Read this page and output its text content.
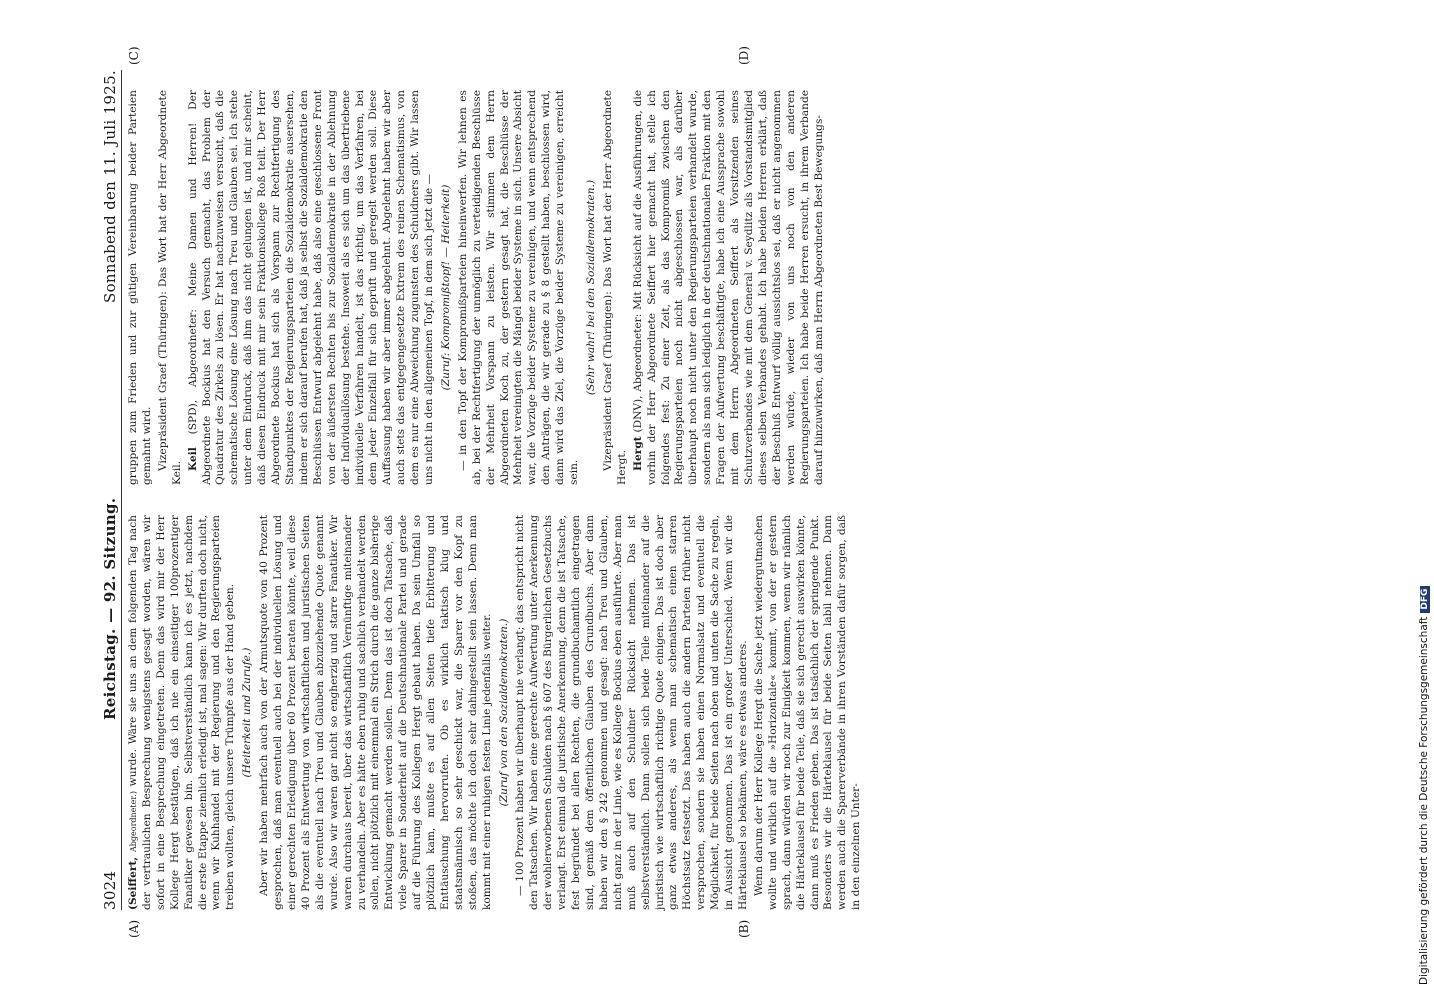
3024
Reichstag. — 92. Sitzung.
Sonnabend den 11. Juli 1925.
(A)	(B)
(C)	(D)

(Seiffert, Abgeordneter.) wurde. Wäre sie uns an dem folgenden Tag nach der vertraulichen Besprechung wenigstens gesagt worden, wären wir sofort in eine Besprechung eingetreten. Denn das wird mir der Herr Kollege Hergt bestätigen, daß ich nie ein einseitiger 100prozentiger Fanatiker gewesen bin. Selbstverständlich kann ich es jetzt, nachdem die erste Etappe ziemlich erledigt ist, mal sagen: Wir durften doch nicht, wenn wir Kuhhandel mit der Regierung und den Regierungsparteien treiben wollten, gleich unsere Trümpfe aus der Hand geben. (Heiterkeit und Zurufe.) Aber wir haben mehrfach auch von der Armutsquote von 40 Prozent gesprochen, daß man eventuell auch bei der individuellen Lösung und einer gerechten Erledigung über 60 Prozent beraten könnte, weil diese 40 Prozent als Entwertung von wirtschaftlichen und juristischen Seiten als die eventuell nach Treu und Glauben abzuziehende Quote genannt wurde. Also wir waren gar nicht so engherzig und starre Fanatiker. Wir waren durchaus bereit, über das wirtschaftlich Vernünftige miteinander zu verhandeln. Aber es hätte eben ruhig und sachlich verhandelt werden sollen, nicht plötzlich mit einemmal ein Strich durch die ganze bisherige Entwicklung gemacht werden sollen. Denn das ist doch Tatsache, daß viele Sparer in Sonderheit auf die Deutschnationale Partei und gerade auf die Führung des Kollegen Hergt gebaut haben. Da sein Umfall so plötzlich kam, mußte es auf allen Seiten tiefe Erbitterung und Enttäuschung hervorrufen. Ob es wirklich taktisch klug und staatsmännisch so sehr geschickt war, die Sparer vor den Kopf zu stoßen, das möchte ich doch sehr dahingestellt sein lassen. Denn man kommt mit einer ruhigen festen Linie jedenfalls weiter. (Zuruf von den Sozialdemokraten.) — 100 Prozent haben wir überhaupt nie verlangt; das entspricht nicht den Tatsachen. Wir haben eine gerechte Aufwertung unter Anerkennung der wohlerworbenen Schulden nach § 607 des Bürgerlichen Gesetzbuchs verlangt. Erst einmal die juristische Anerkennung, denn die ist Tatsache, fest begründet bei allen Rechten, die grundbuchamtlich eingetragen sind, gemäß dem öffentlichen Glauben des Grundbuchs. Aber dann haben wir den § 242 genommen und gesagt: nach Treu und Glauben, nicht ganz in der Linie, wie es Kollege Bockius eben ausführte. Aber man muß auch auf den Schuldner Rücksicht nehmen. Das ist selbstverständlich. Dann sollen sich beide Teile miteinander auf die juristisch wie wirtschaftlich richtige Quote einigen. Das ist doch aber ganz etwas anderes, als wenn man schematisch einen starren Höchstsatz festsetzt. Das haben auch die andern Parteien früher nicht versprochen, sondern sie haben einen Normalsatz und eventuell die Möglichkeit, für beide Seiten nach oben und unten die Sache zu regeln, in Aussicht genommen. Das ist ein großer Unterschied. Wenn wir die Härteklausel so bekämen, wäre es etwas anderes. Wenn darum der Herr Kollege Hergt die Sache jetzt wiedergutmachen wollte und wirklich auf die »Horizontale« kommt, von der er gestern sprach, dann würden wir noch zur Einigkeit kommen, wenn wir nämlich die Härteklausel für beide Teile, daß sie sich gerecht auswirken könnte, dann muß es Frieden geben. Das ist tatsächlich der springende Punkt. Besonders wir die Härteklausel für beide Seiten labil nehmen. Dann werden auch die Sparerverbände in ihren Vorständen dafür sorgen, daß in den einzelnen Unter-

gruppen zum Frieden und zur gütigen Vereinbarung beider Parteien gemahnt wird. Vizepräsident Graef (Thüringen): Das Wort hat der Herr Abgeordnete Keil.

Keil (SPD), Abgeordneter: Meine Damen und Herren! Der Abgeordnete Bockius hat den Versuch gemacht, das Problem der Quadratur des Zirkels zu lösen. Er hat nachzuweisen versucht, daß die schematische Lösung eine Lösung nach Treu und Glauben sei. Ich stehe unter dem Eindruck, daß ihm das nicht gelungen ist, und mir scheint, daß diesen Eindruck mit mir sein Fraktionskollege Roß teilt. Der Herr Abgeordnete Bockius hat sich als Vorspann zur Rechtfertigung des Standpunktes der Regierungsparteien die Sozialdemokratie ausersehen, indem er sich darauf berufen hat, daß ja selbst die Sozialdemokratie den Beschlüssen Entwurf abgelehnt habe, daß also eine geschlossene Front von der äußersten Rechten bis zur Sozialdemokratie in der Ablehnung der Individuallösung bestehe. Insoweit als es sich um das übertriebene individuelle Verfahren handelt, ist das richtig, um das Verfahren, bei dem jeder Einzelfall für sich geprüft und geregelt werden soll. Diese Auffassung haben wir aber immer abgelehnt. Abgelehnt haben wir aber auch stets das entgegengesetzte Extrem des reinen Schematismus, von dem es nur eine Abweichung zugunsten des Schuldners gibt. Wir lassen uns nicht in den allgemeinen Topf, in dem sich jetzt die — (Zuruf: Kompromißtopf! — Heiterkeit) — in den Topf der Kompromißparteien hineinwerfen. Wir lehnen es ab, bei der Rechtfertigung der unmöglich zu verteidigenden Beschlüsse der Mehrheit Vorspann zu leisten. Wir stimmen dem Herrn Abgeordneten Koch zu, der gestern gesagt hat, die Beschlüsse der Mehrheit vereinigten die Mängel beider Systeme in sich. Unsere Absicht war, die Vorzüge beider Systeme zu vereinigen, und wenn entsprechend den Anträgen, die wir gerade zu § 8 gestellt haben, beschlossen wird, dann wird das Ziel, die Vorzüge beider Systeme zu vereinigen, erreicht sein.

(Sehr wahr! bei den Sozialdemokraten.) Vizepräsident Graef (Thüringen): Das Wort hat der Herr Abgeordnete Hergt. Hergt (DNV), Abgeordneter: Mit Rücksicht auf die Ausführungen, die vorhin der Herr Abgeordnete Seiffert hier gemacht hat, stelle ich folgendes fest: Zu einer Zeit, als das Kompromiß zwischen den Regierungsparteien noch nicht abgeschlossen war, als darüber überhaupt noch nicht unter den Regierungsparteien verhandelt wurde, sondern als man sich lediglich in der deutschnationalen Fraktion mit den Fragen der Aufwertung beschäftigte, habe ich eine Aussprache sowohl mit dem Herrn Abgeordneten Seiffert als Vorsitzenden seines Schutzverbandes wie mit dem General v. Seydlitz als Vorstandsmitglied dieses selben Verbandes gehabt. Ich habe beiden Herren erklärt, daß der Beschluß Entwurf völlig aussichtslos sei, daß er nicht angenommen werden würde, wieder von uns noch von den anderen Regierungsparteien. Ich habe beide Herren ersucht, in ihrem Verbande darauf hinzuwirken, daß man Herrn Abgeordneten Best Bewegungs-

Digitalisierung gefördert durch die Deutsche ForschungsgemeinschaftDFG
